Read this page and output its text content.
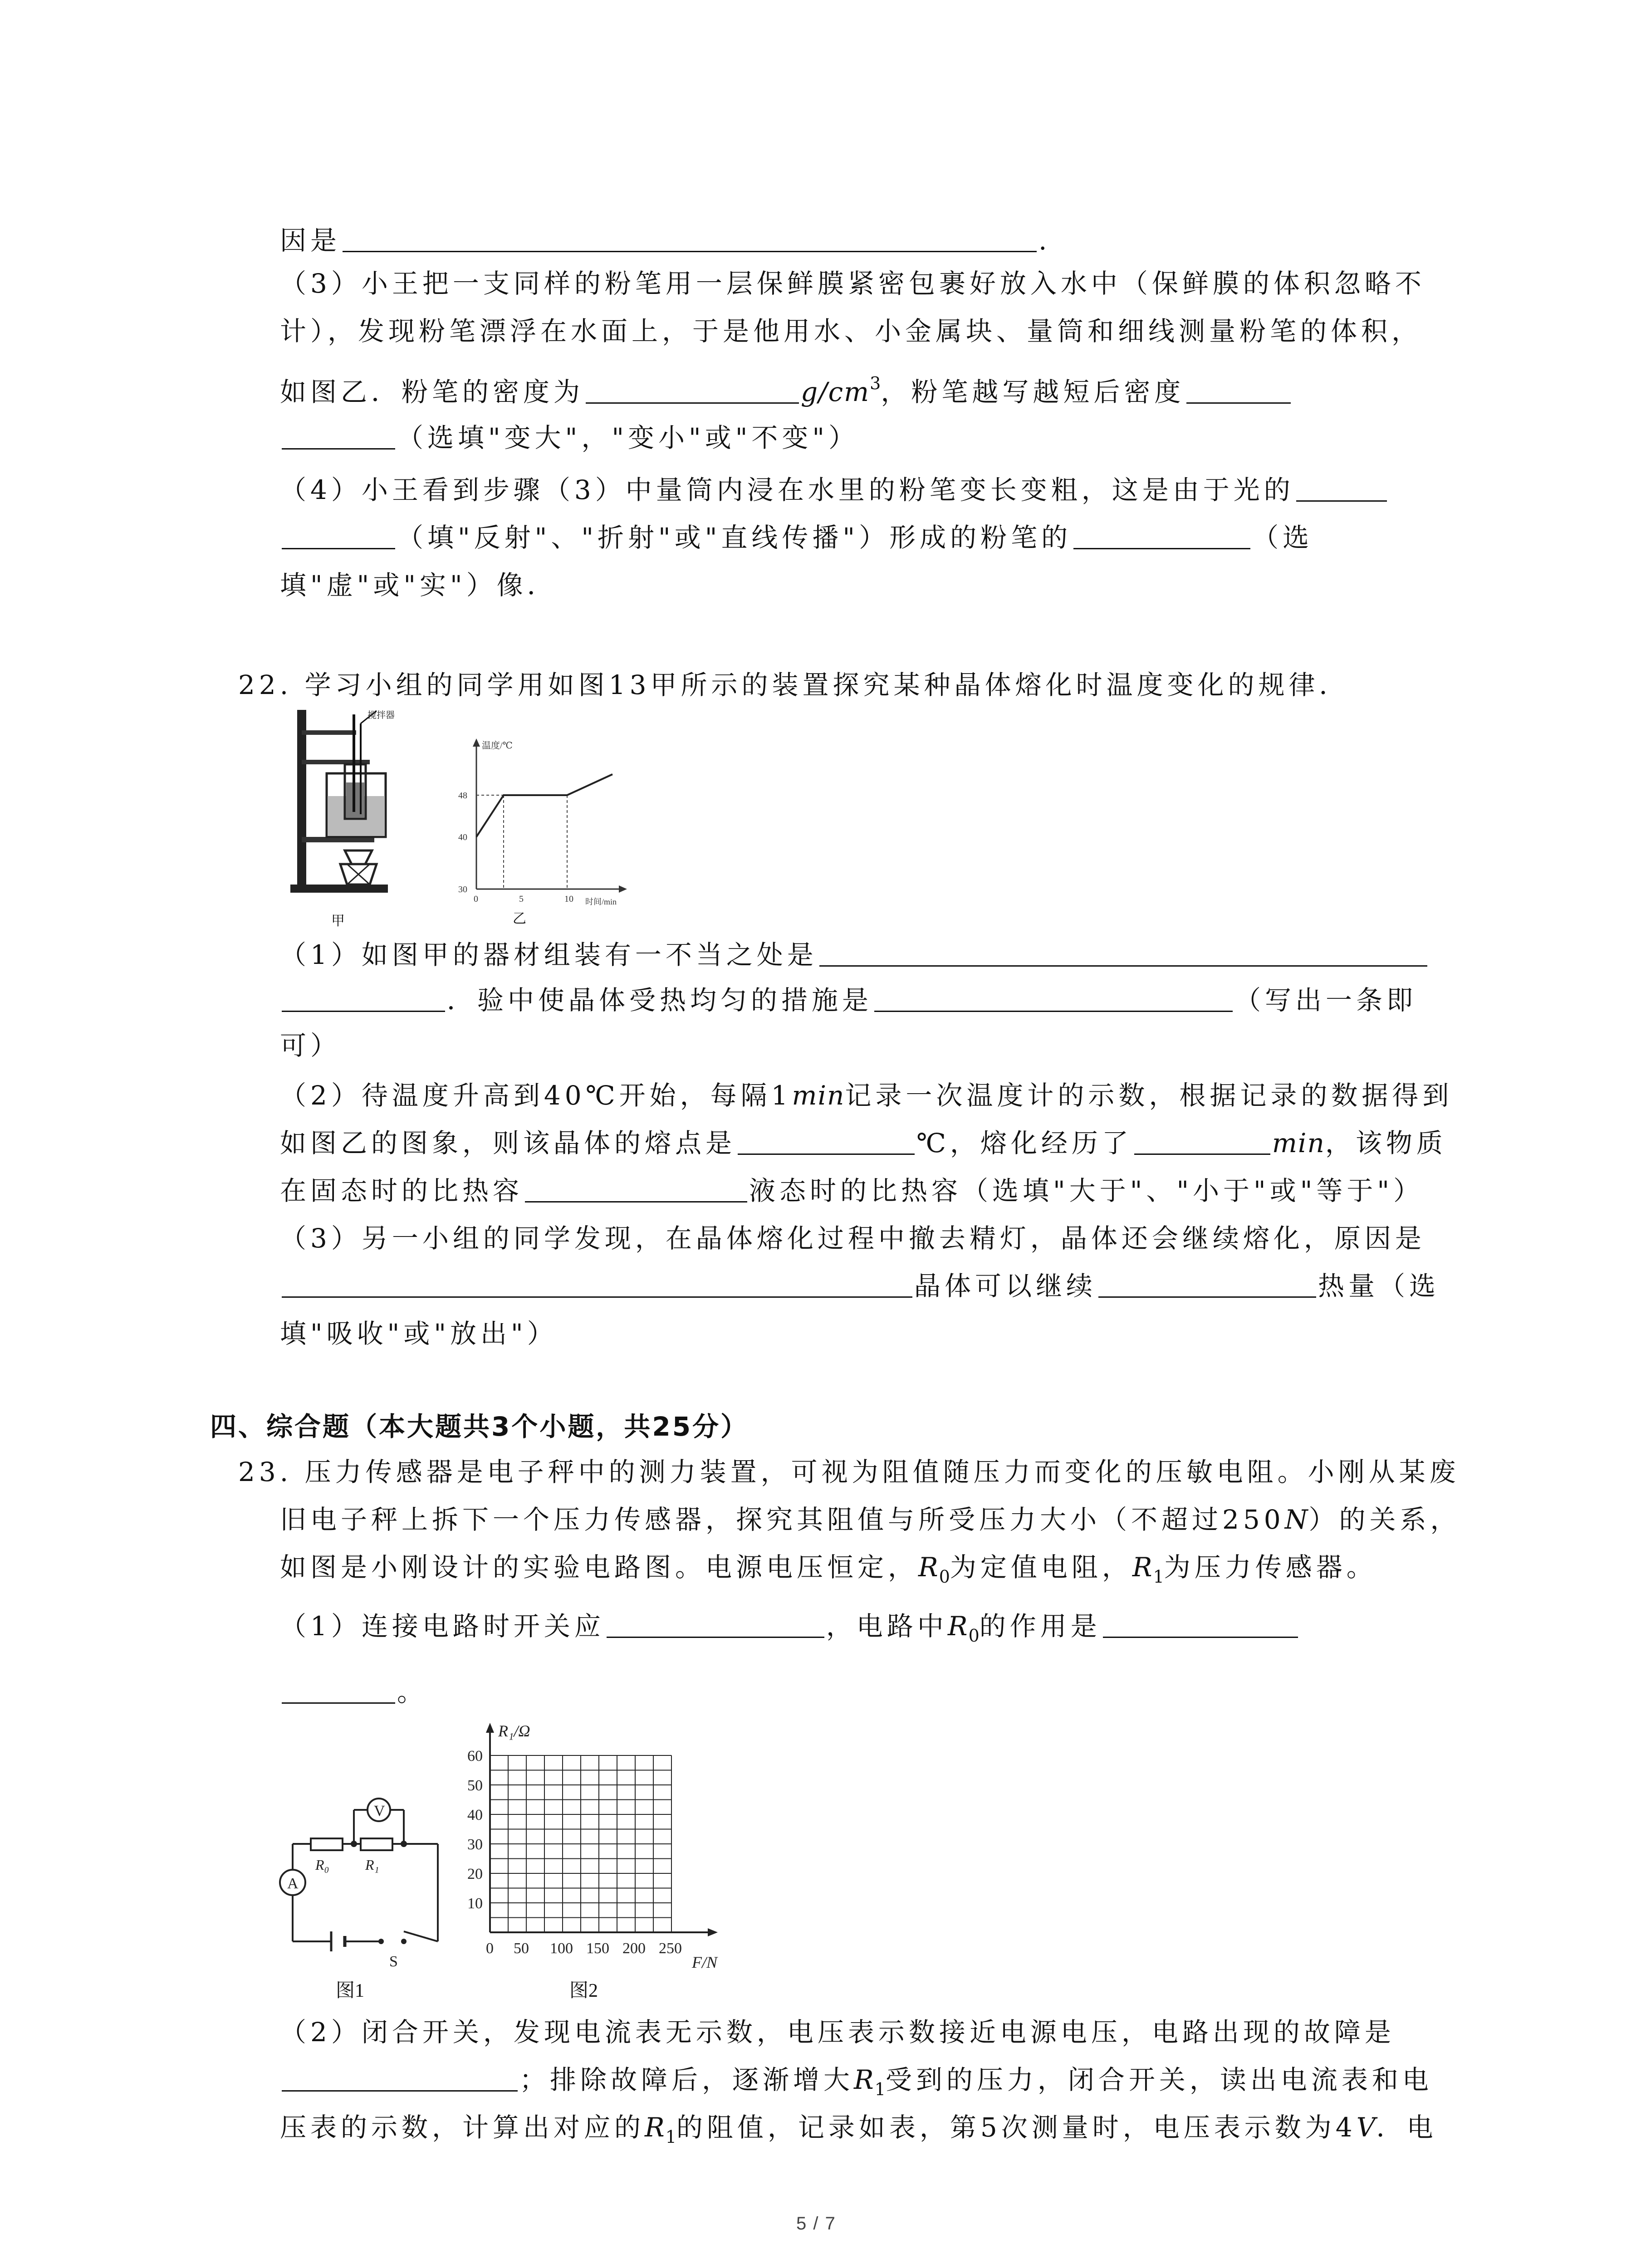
因是	.
（3）小王把一支同样的粉笔用一层保鲜膜紧密包裹好放入水中（保鲜膜的体积忽略不
计），发现粉笔漂浮在水面上，于是他用水、小金属块、量筒和细线测量粉笔的体积，
如图乙．粉笔的密度为	$g/cm^3$，粉笔越写越短后密度
（选填"变大"，"变小"或"不变"）
（4）小王看到步骤（3）中量筒内浸在水里的粉笔变长变粗，这是由于光的
（填"反射"、"折射"或"直线传播"）形成的粉笔的	（选
填"虚"或"实"）像．
22. 学习小组的同学用如图13甲所示的装置探究某种晶体熔化时温度变化的规律．
搅拌器
甲
温度/℃
时间/min
0	5	10
30
40
48
乙
（1）如图甲的器材组装有一不当之处是
．验中使晶体受热均匀的措施是	（写出一条即
可）
（2）待温度升高到40℃开始，每隔1min记录一次温度计的示数，根据记录的数据得到
如图乙的图象，则该晶体的熔点是	℃，熔化经历了	min，该物质
在固态时的比热容	液态时的比热容（选填"大于"、"小于"或"等于"）
（3）另一小组的同学发现，在晶体熔化过程中撤去精灯，晶体还会继续熔化，原因是
晶体可以继续	热量（选
填"吸收"或"放出"）
四、综合题（本大题共3个小题，共25分）
23. 压力传感器是电子秤中的测力装置，可视为阻值随压力而变化的压敏电阻。小刚从某废
旧电子秤上拆下一个压力传感器，探究其阻值与所受压力大小（不超过250N）的关系，
如图是小刚设计的实验电路图。电源电压恒定，$R_0$为定值电阻，$R_1$为压力传感器。
（1）连接电路时开关应	，电路中$R_0$的作用是
。
V
A
R₀ R₁
S
图1
0 50 100 150 200 250
10
20
30
40
50
60
R₁/Ω
F/N
图2
（2）闭合开关，发现电流表无示数，电压表示数接近电源电压，电路出现的故障是
；排除故障后，逐渐增大$R_1$受到的压力，闭合开关，读出电流表和电
压表的示数，计算出对应的$R_1$的阻值，记录如表，第5次测量时，电压表示数为4V．电
5 / 7
